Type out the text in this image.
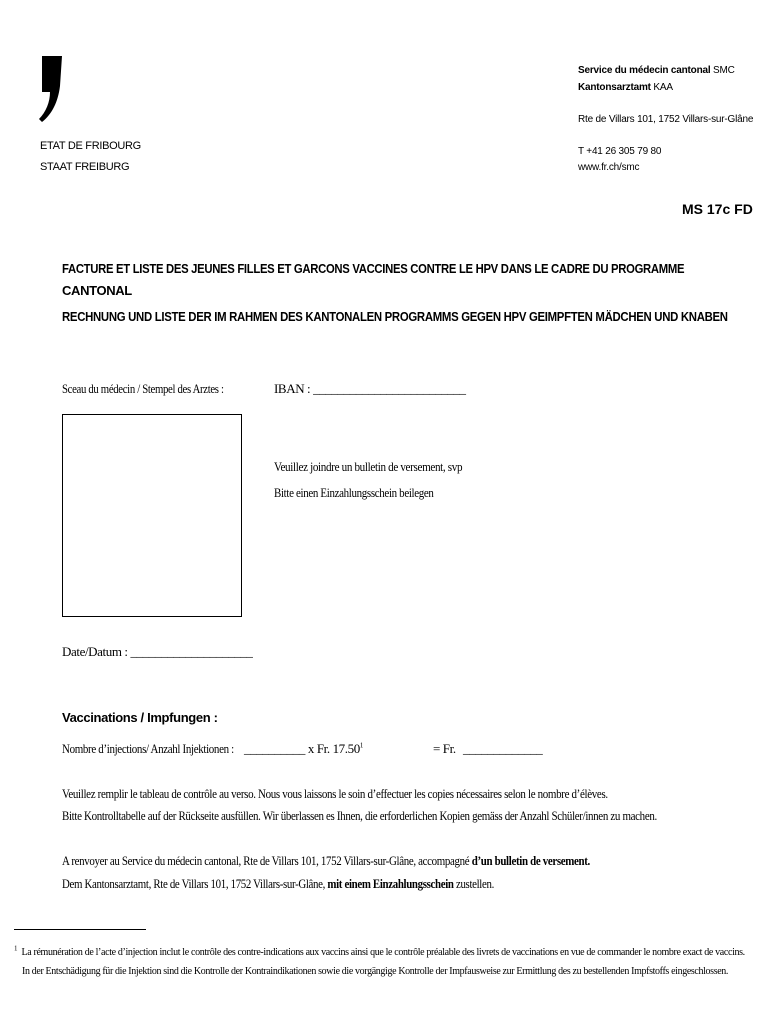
ETAT DE FRIBOURG
STAAT FREIBURG
Service du médecin cantonal SMC
Kantonsarztamt KAA
Rte de Villars 101, 1752 Villars-sur-Glâne
T +41 26 305 79 80
www.fr.ch/smc
MS 17c FD
FACTURE ET LISTE DES JEUNES FILLES ET GARCONS VACCINES CONTRE LE HPV DANS LE CADRE DU PROGRAMME
CANTONAL
RECHNUNG UND LISTE DER IM RAHMEN DES KANTONALEN PROGRAMMS GEGEN HPV GEIMPFTEN MÄDCHEN UND KNABEN
Sceau du médecin / Stempel des Arztes :	IBAN : _________________________
Veuillez joindre un bulletin de versement, svp
Bitte einen Einzahlungsschein beilegen
Date/Datum : ____________________
Vaccinations / Impfungen :
Nombre d’injections/ Anzahl Injektionen : __________ x Fr. $17.50^1$	= Fr. _____________
Veuillez remplir le tableau de contrôle au verso. Nous vous laissons le soin d’effectuer les copies nécessaires selon le nombre d’élèves.
Bitte Kontrolltabelle auf der Rückseite ausfüllen. Wir überlassen es Ihnen, die erforderlichen Kopien gemäss der Anzahl Schüler/innen zu machen.
A renvoyer au Service du médecin cantonal, Rte de Villars 101, 1752 Villars-sur-Glâne, accompagné d’un bulletin de versement.
Dem Kantonsarztamt, Rte de Villars 101, 1752 Villars-sur-Glâne, mit einem Einzahlungsschein zustellen.
$^1$ La rémunération de l’acte d’injection inclut le contrôle des contre-indications aux vaccins ainsi que le contrôle préalable des livrets de vaccinations en vue de commander le nombre exact de vaccins.
In der Entschädigung für die Injektion sind die Kontrolle der Kontraindikationen sowie die vorgängige Kontrolle der Impfausweise zur Ermittlung des zu bestellenden Impfstoffs eingeschlossen.
